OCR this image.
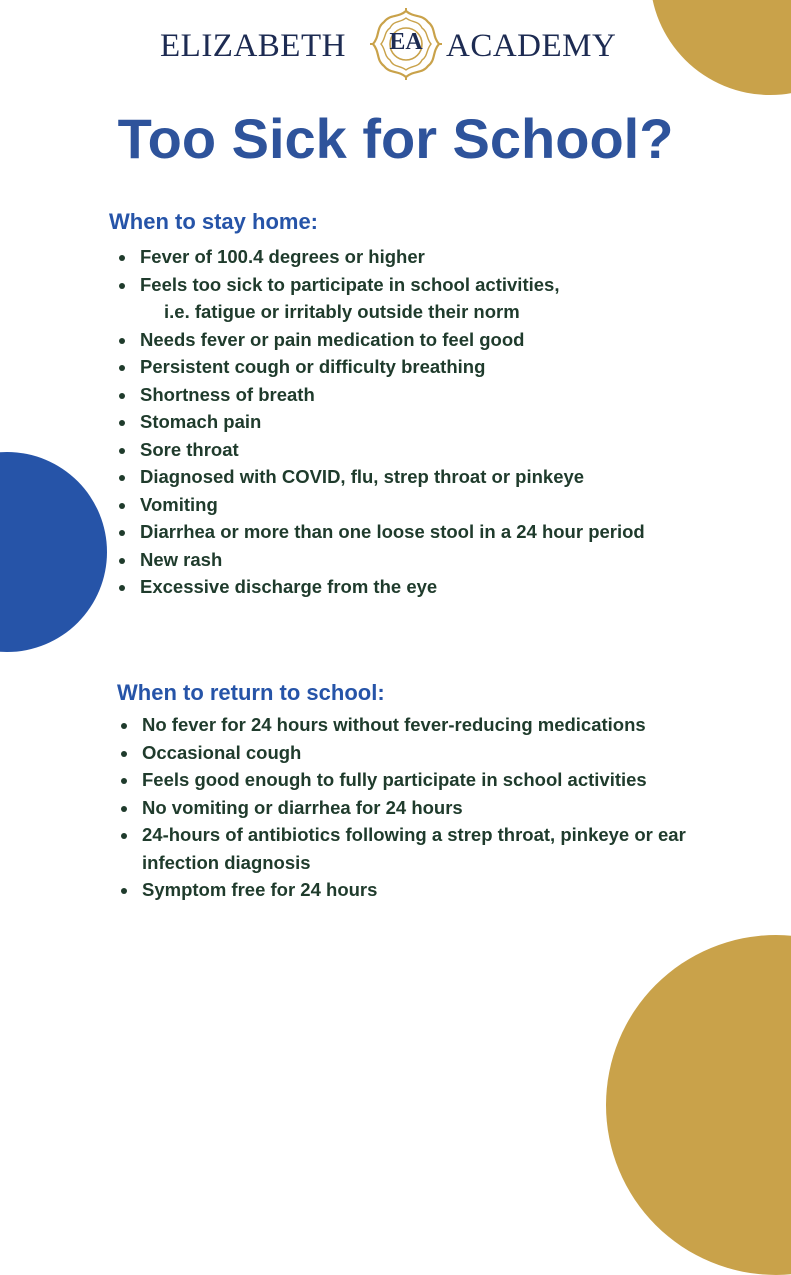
ELIZABETH	EA ACADEMY
Too Sick for School?
When to stay home:
Fever of 100.4 degrees or higher
Feels too sick to participate in school activities,
i.e. fatigue or irritably outside their norm
Needs fever or pain medication to feel good
Persistent cough or difficulty breathing
Shortness of breath
Stomach pain
Sore throat
Diagnosed with COVID, flu, strep throat or pinkeye
Vomiting
Diarrhea or more than one loose stool in a 24 hour period
New rash
Excessive discharge from the eye
When to return to school:
No fever for 24 hours without fever-reducing medications
Occasional cough
Feels good enough to fully participate in school activities
No vomiting or diarrhea for 24 hours
24-hours of antibiotics following a strep throat, pinkeye or ear infection diagnosis
Symptom free for 24 hours
